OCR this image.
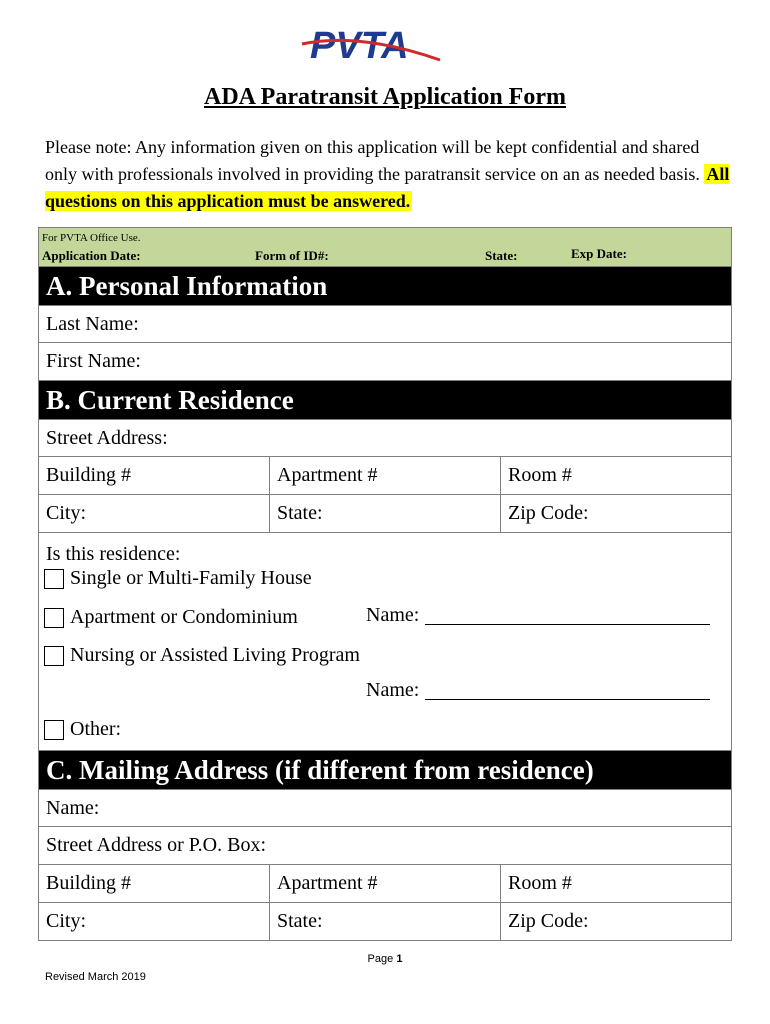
PVTA
ADA Paratransit Application Form
Please note: Any information given on this application will be kept confidential and shared only with professionals involved in providing the paratransit service on an as needed basis. All questions on this application must be answered.
For PVTA Office Use.
Application Date:	Form of ID#:	State:	Exp Date:
A. Personal Information
Last Name:
First Name:
B. Current Residence
Street Address:
Building #	Apartment #	Room #
City:	State:	Zip Code:
Is this residence:
Single or Multi-Family House
Apartment or Condominium	Name:
Nursing or Assisted Living Program
Name:
Other:
C. Mailing Address (if different from residence)
Name:
Street Address or P.O. Box:
Building #	Apartment #	Room #
City:	State:	Zip Code:
Page 1
Revised March 2019
